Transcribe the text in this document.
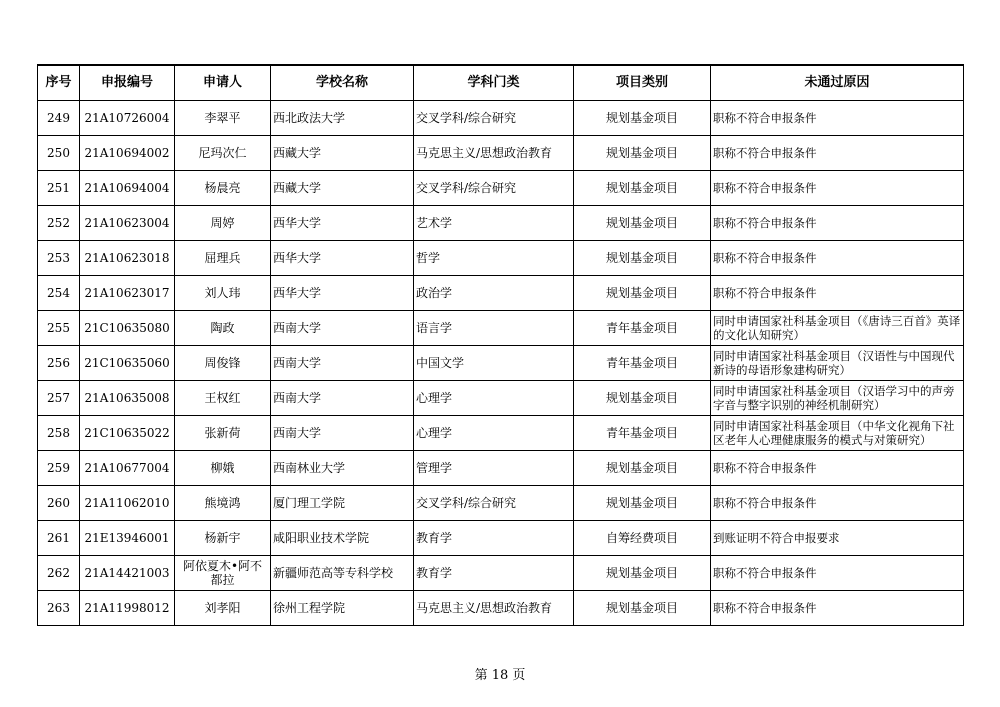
序号	申报编号	申请人	学校名称	学科门类	项目类别	未通过原因
249	21A10726004	李翠平	西北政法大学	交叉学科/综合研究	规划基金项目	职称不符合申报条件
250	21A10694002	尼玛次仁	西藏大学	马克思主义/思想政治教育	规划基金项目	职称不符合申报条件
251	21A10694004	杨晨亮	西藏大学	交叉学科/综合研究	规划基金项目	职称不符合申报条件
252	21A10623004	周婷	西华大学	艺术学	规划基金项目	职称不符合申报条件
253	21A10623018	屈理兵	西华大学	哲学	规划基金项目	职称不符合申报条件
254	21A10623017	刘人玮	西华大学	政治学	规划基金项目	职称不符合申报条件
255	21C10635080	陶政	西南大学	语言学	青年基金项目	同时申请国家社科基金项目（《唐诗三百首》英译的文化认知研究）
256	21C10635060	周俊锋	西南大学	中国文学	青年基金项目	同时申请国家社科基金项目（汉语性与中国现代新诗的母语形象建构研究）
257	21A10635008	王权红	西南大学	心理学	规划基金项目	同时申请国家社科基金项目（汉语学习中的声旁字音与整字识别的神经机制研究）
258	21C10635022	张新荷	西南大学	心理学	青年基金项目	同时申请国家社科基金项目（中华文化视角下社区老年人心理健康服务的模式与对策研究）
259	21A10677004	柳娥	西南林业大学	管理学	规划基金项目	职称不符合申报条件
260	21A11062010	熊境鸿	厦门理工学院	交叉学科/综合研究	规划基金项目	职称不符合申报条件
261	21E13946001	杨新宇	咸阳职业技术学院	教育学	自筹经费项目	到账证明不符合申报要求
262	21A14421003	阿依夏木•阿不都拉	新疆师范高等专科学校	教育学	规划基金项目	职称不符合申报条件
263	21A11998012	刘孝阳	徐州工程学院	马克思主义/思想政治教育	规划基金项目	职称不符合申报条件
第 18 页
